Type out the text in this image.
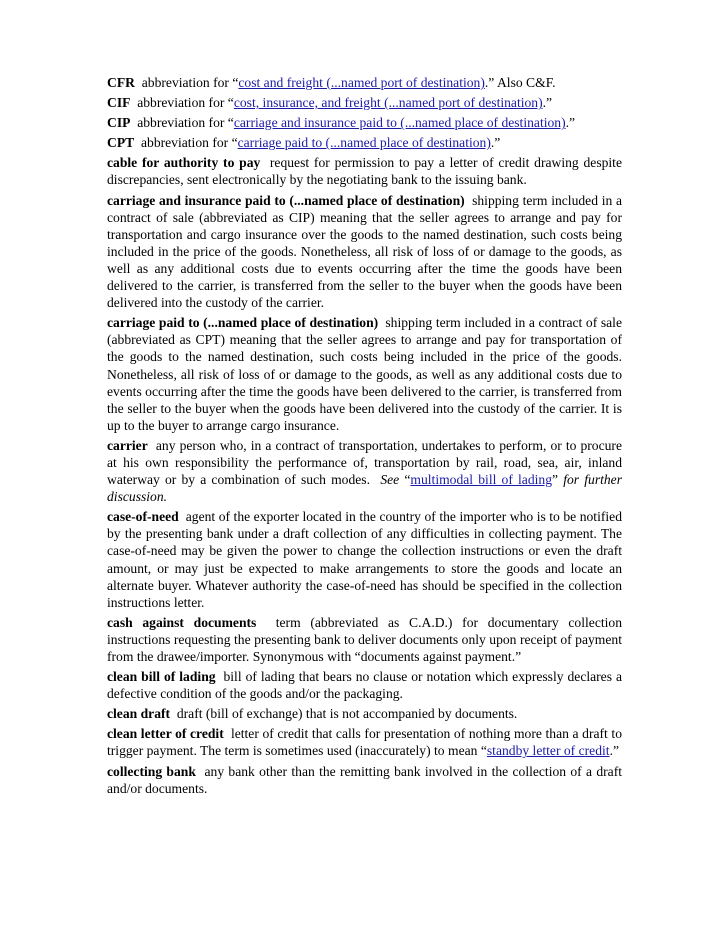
CFR abbreviation for “cost and freight (...named port of destination).” Also C&F.

CIF abbreviation for “cost, insurance, and freight (...named port of destination).”

CIP abbreviation for “carriage and insurance paid to (...named place of destination).”

CPT abbreviation for “carriage paid to (...named place of destination).”

cable for authority to pay request for permission to pay a letter of credit drawing despite discrepancies, sent electronically by the negotiating bank to the issuing bank.

carriage and insurance paid to (...named place of destination) shipping term included in a contract of sale (abbreviated as CIP) meaning that the seller agrees to arrange and pay for transportation and cargo insurance over the goods to the named destination, such costs being included in the price of the goods. Nonetheless, all risk of loss of or damage to the goods, as well as any additional costs due to events occurring after the time the goods have been delivered to the carrier, is transferred from the seller to the buyer when the goods have been delivered into the custody of the carrier.

carriage paid to (...named place of destination) shipping term included in a contract of sale (abbreviated as CPT) meaning that the seller agrees to arrange and pay for transportation of the goods to the named destination, such costs being included in the price of the goods. Nonetheless, all risk of loss of or damage to the goods, as well as any additional costs due to events occurring after the time the goods have been delivered to the carrier, is transferred from the seller to the buyer when the goods have been delivered into the custody of the carrier. It is up to the buyer to arrange cargo insurance.

carrier any person who, in a contract of transportation, undertakes to perform, or to procure at his own responsibility the performance of, transportation by rail, road, sea, air, inland waterway or by a combination of such modes. See “multimodal bill of lading” for further discussion.

case-of-need agent of the exporter located in the country of the importer who is to be notified by the presenting bank under a draft collection of any difficulties in collecting payment. The case-of-need may be given the power to change the collection instructions or even the draft amount, or may just be expected to make arrangements to store the goods and locate an alternate buyer. Whatever authority the case-of-need has should be specified in the collection instructions letter.

cash against documents term (abbreviated as C.A.D.) for documentary collection instructions requesting the presenting bank to deliver documents only upon receipt of payment from the drawee/importer. Synonymous with “documents against payment.”

clean bill of lading bill of lading that bears no clause or notation which expressly declares a defective condition of the goods and/or the packaging.

clean draft draft (bill of exchange) that is not accompanied by documents.

clean letter of credit letter of credit that calls for presentation of nothing more than a draft to trigger payment. The term is sometimes used (inaccurately) to mean “standby letter of credit.”

collecting bank any bank other than the remitting bank involved in the collection of a draft and/or documents.
